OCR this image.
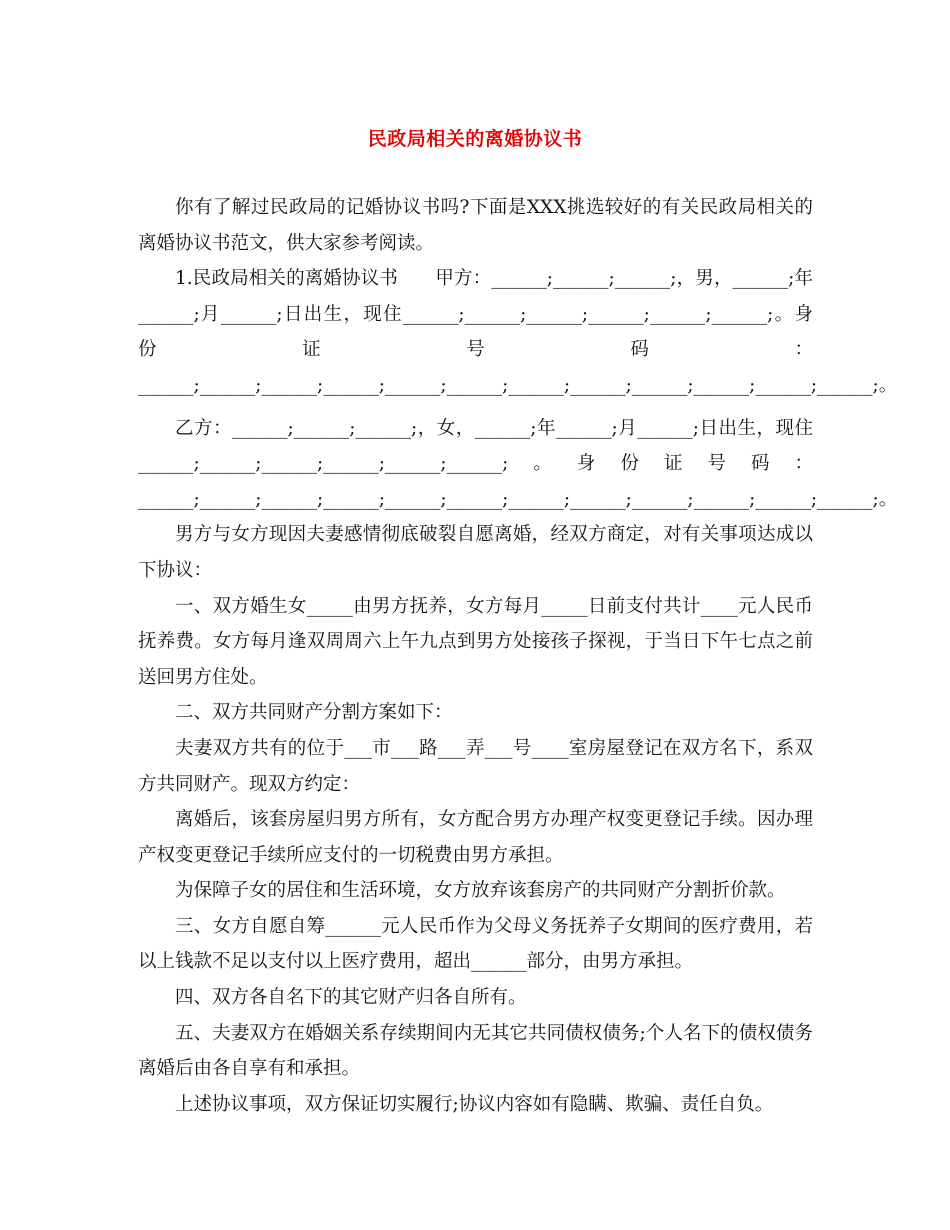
民政局相关的离婚协议书

你有了解过民政局的记婚协议书吗?下面是XXX挑选较好的有关民政局相关的离婚协议书范文，供大家参考阅读。

1.民政局相关的离婚协议书　　甲方：______;______;______;，男，______;年______;月______;日出生，现住______;______;______;______;______;______;。身份证号码：______;______;______;______;______;______;______;______;______;______;______;______;。

乙方：______;______;______;，女，______;年______;月______;日出生，现住______;______;______;______;______;______;。身份证号码：______;______;______;______;______;______;______;______;______;______;______;______;。

男方与女方现因夫妻感情彻底破裂自愿离婚，经双方商定，对有关事项达成以下协议：

一、双方婚生女_____由男方抚养，女方每月_____日前支付共计____元人民币抚养费。女方每月逢双周周六上午九点到男方处接孩子探视，于当日下午七点之前送回男方住处。

二、双方共同财产分割方案如下：

夫妻双方共有的位于___市___路___弄___号____室房屋登记在双方名下，系双方共同财产。现双方约定：

离婚后，该套房屋归男方所有，女方配合男方办理产权变更登记手续。因办理产权变更登记手续所应支付的一切税费由男方承担。

为保障子女的居住和生活环境，女方放弃该套房产的共同财产分割折价款。

三、女方自愿自筹______元人民币作为父母义务抚养子女期间的医疗费用，若以上钱款不足以支付以上医疗费用，超出______部分，由男方承担。

四、双方各自名下的其它财产归各自所有。

五、夫妻双方在婚姻关系存续期间内无其它共同债权债务;个人名下的债权债务离婚后由各自享有和承担。

上述协议事项，双方保证切实履行;协议内容如有隐瞒、欺骗、责任自负。
